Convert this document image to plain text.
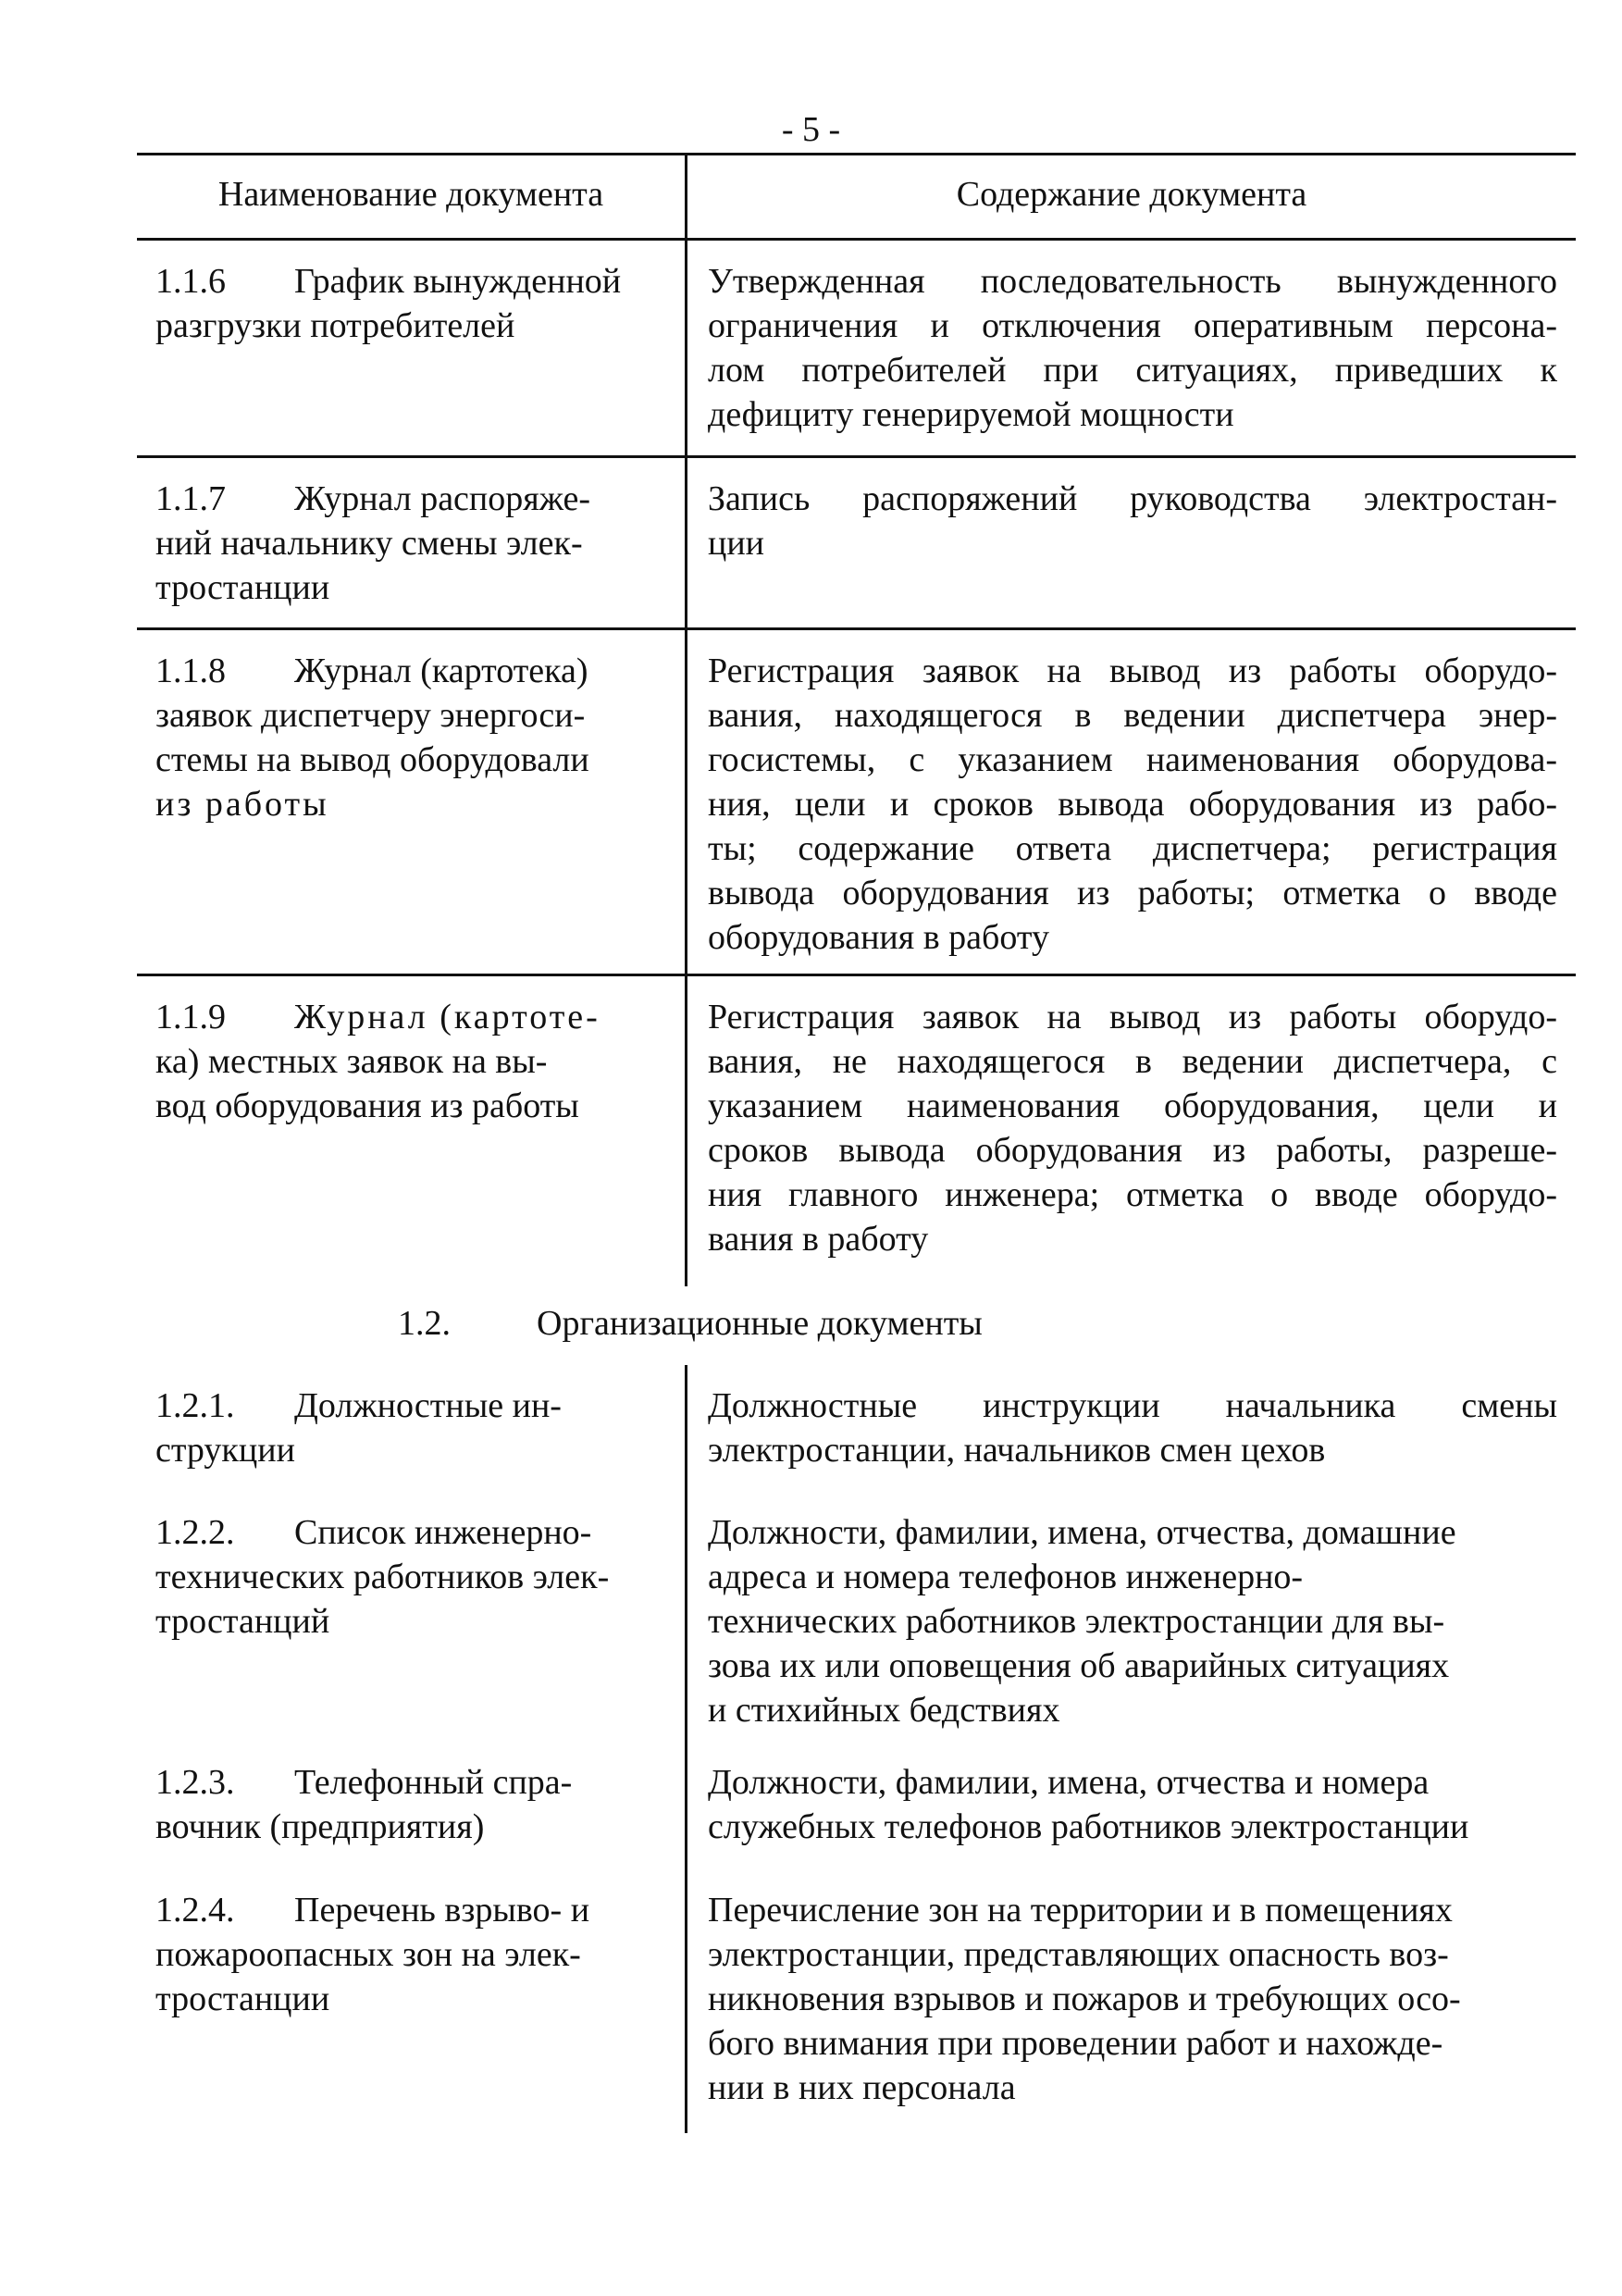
- 5 -
Наименование документа	Содержание документа
1.1.6 График вынужденной
разгрузки потребителей
Утвержденная последовательность вынужденного
ограничения и отключения оперативным персона-
лом потребителей при ситуациях, приведших к
дефициту генерируемой мощности
1.1.7 Журнал распоряже-
ний начальнику смены элек-
тростанции
Запись распоряжений руководства электростан-
ции
1.1.8 Журнал (картотека)
заявок диспетчеру энергоси-
стемы на вывод оборудовали
из работы
Регистрация заявок на вывод из работы оборудо-
вания, находящегося в ведении диспетчера энер-
госистемы, с указанием наименования оборудова-
ния, цели и сроков вывода оборудования из рабо-
ты; содержание ответа диспетчера; регистрация
вывода оборудования из работы; отметка о вводе
оборудования в работу
1.1.9 Журнал (картоте-
ка) местных заявок на вы-
вод оборудования из работы
Регистрация заявок на вывод из работы оборудо-
вания, не находящегося в ведении диспетчера, с
указанием наименования оборудования, цели и
сроков вывода оборудования из работы, разреше-
ния главного инженера; отметка о вводе оборудо-
вания в работу
1.2.1. Должностные ин-
струкции
Должностные инструкции начальника смены
электростанции, начальников смен цехов
1.2.2. Список инженерно-
технических работников элек-
тростанций
Должности, фамилии, имена, отчества, домашние
адреса и номера телефонов инженерно-
технических работников электростанции для вы-
зова их или оповещения об аварийных ситуациях
и стихийных бедствиях
1.2.3. Телефонный спра-
вочник (предприятия)
Должности, фамилии, имена, отчества и номера
служебных телефонов работников электростанции
1.2.4. Перечень взрыво- и
пожароопасных зон на элек-
тростанции
Перечисление зон на территории и в помещениях
электростанции, представляющих опасность воз-
никновения взрывов и пожаров и требующих осо-
бого внимания при проведении работ и нахожде-
нии в них персонала
1.2. Организационные документы
